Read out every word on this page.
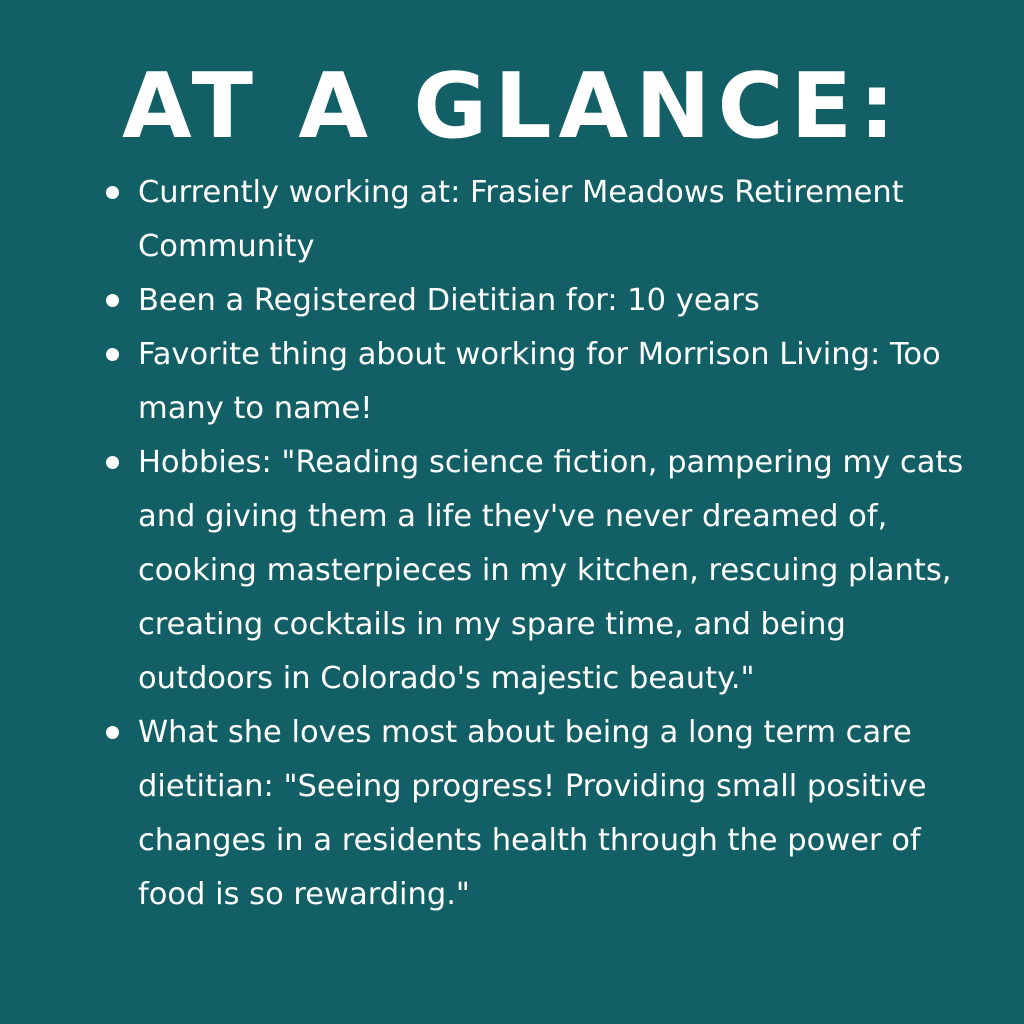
AT A GLANCE:
Currently working at: Frasier Meadows Retirement Community
Been a Registered Dietitian for: 10 years
Favorite thing about working for Morrison Living: Too many to name!
Hobbies: "Reading science fiction, pampering my cats and giving them a life they've never dreamed of, cooking masterpieces in my kitchen, rescuing plants, creating cocktails in my spare time, and being outdoors in Colorado's majestic beauty."
What she loves most about being a long term care dietitian: "Seeing progress! Providing small positive changes in a residents health through the power of food is so rewarding."
